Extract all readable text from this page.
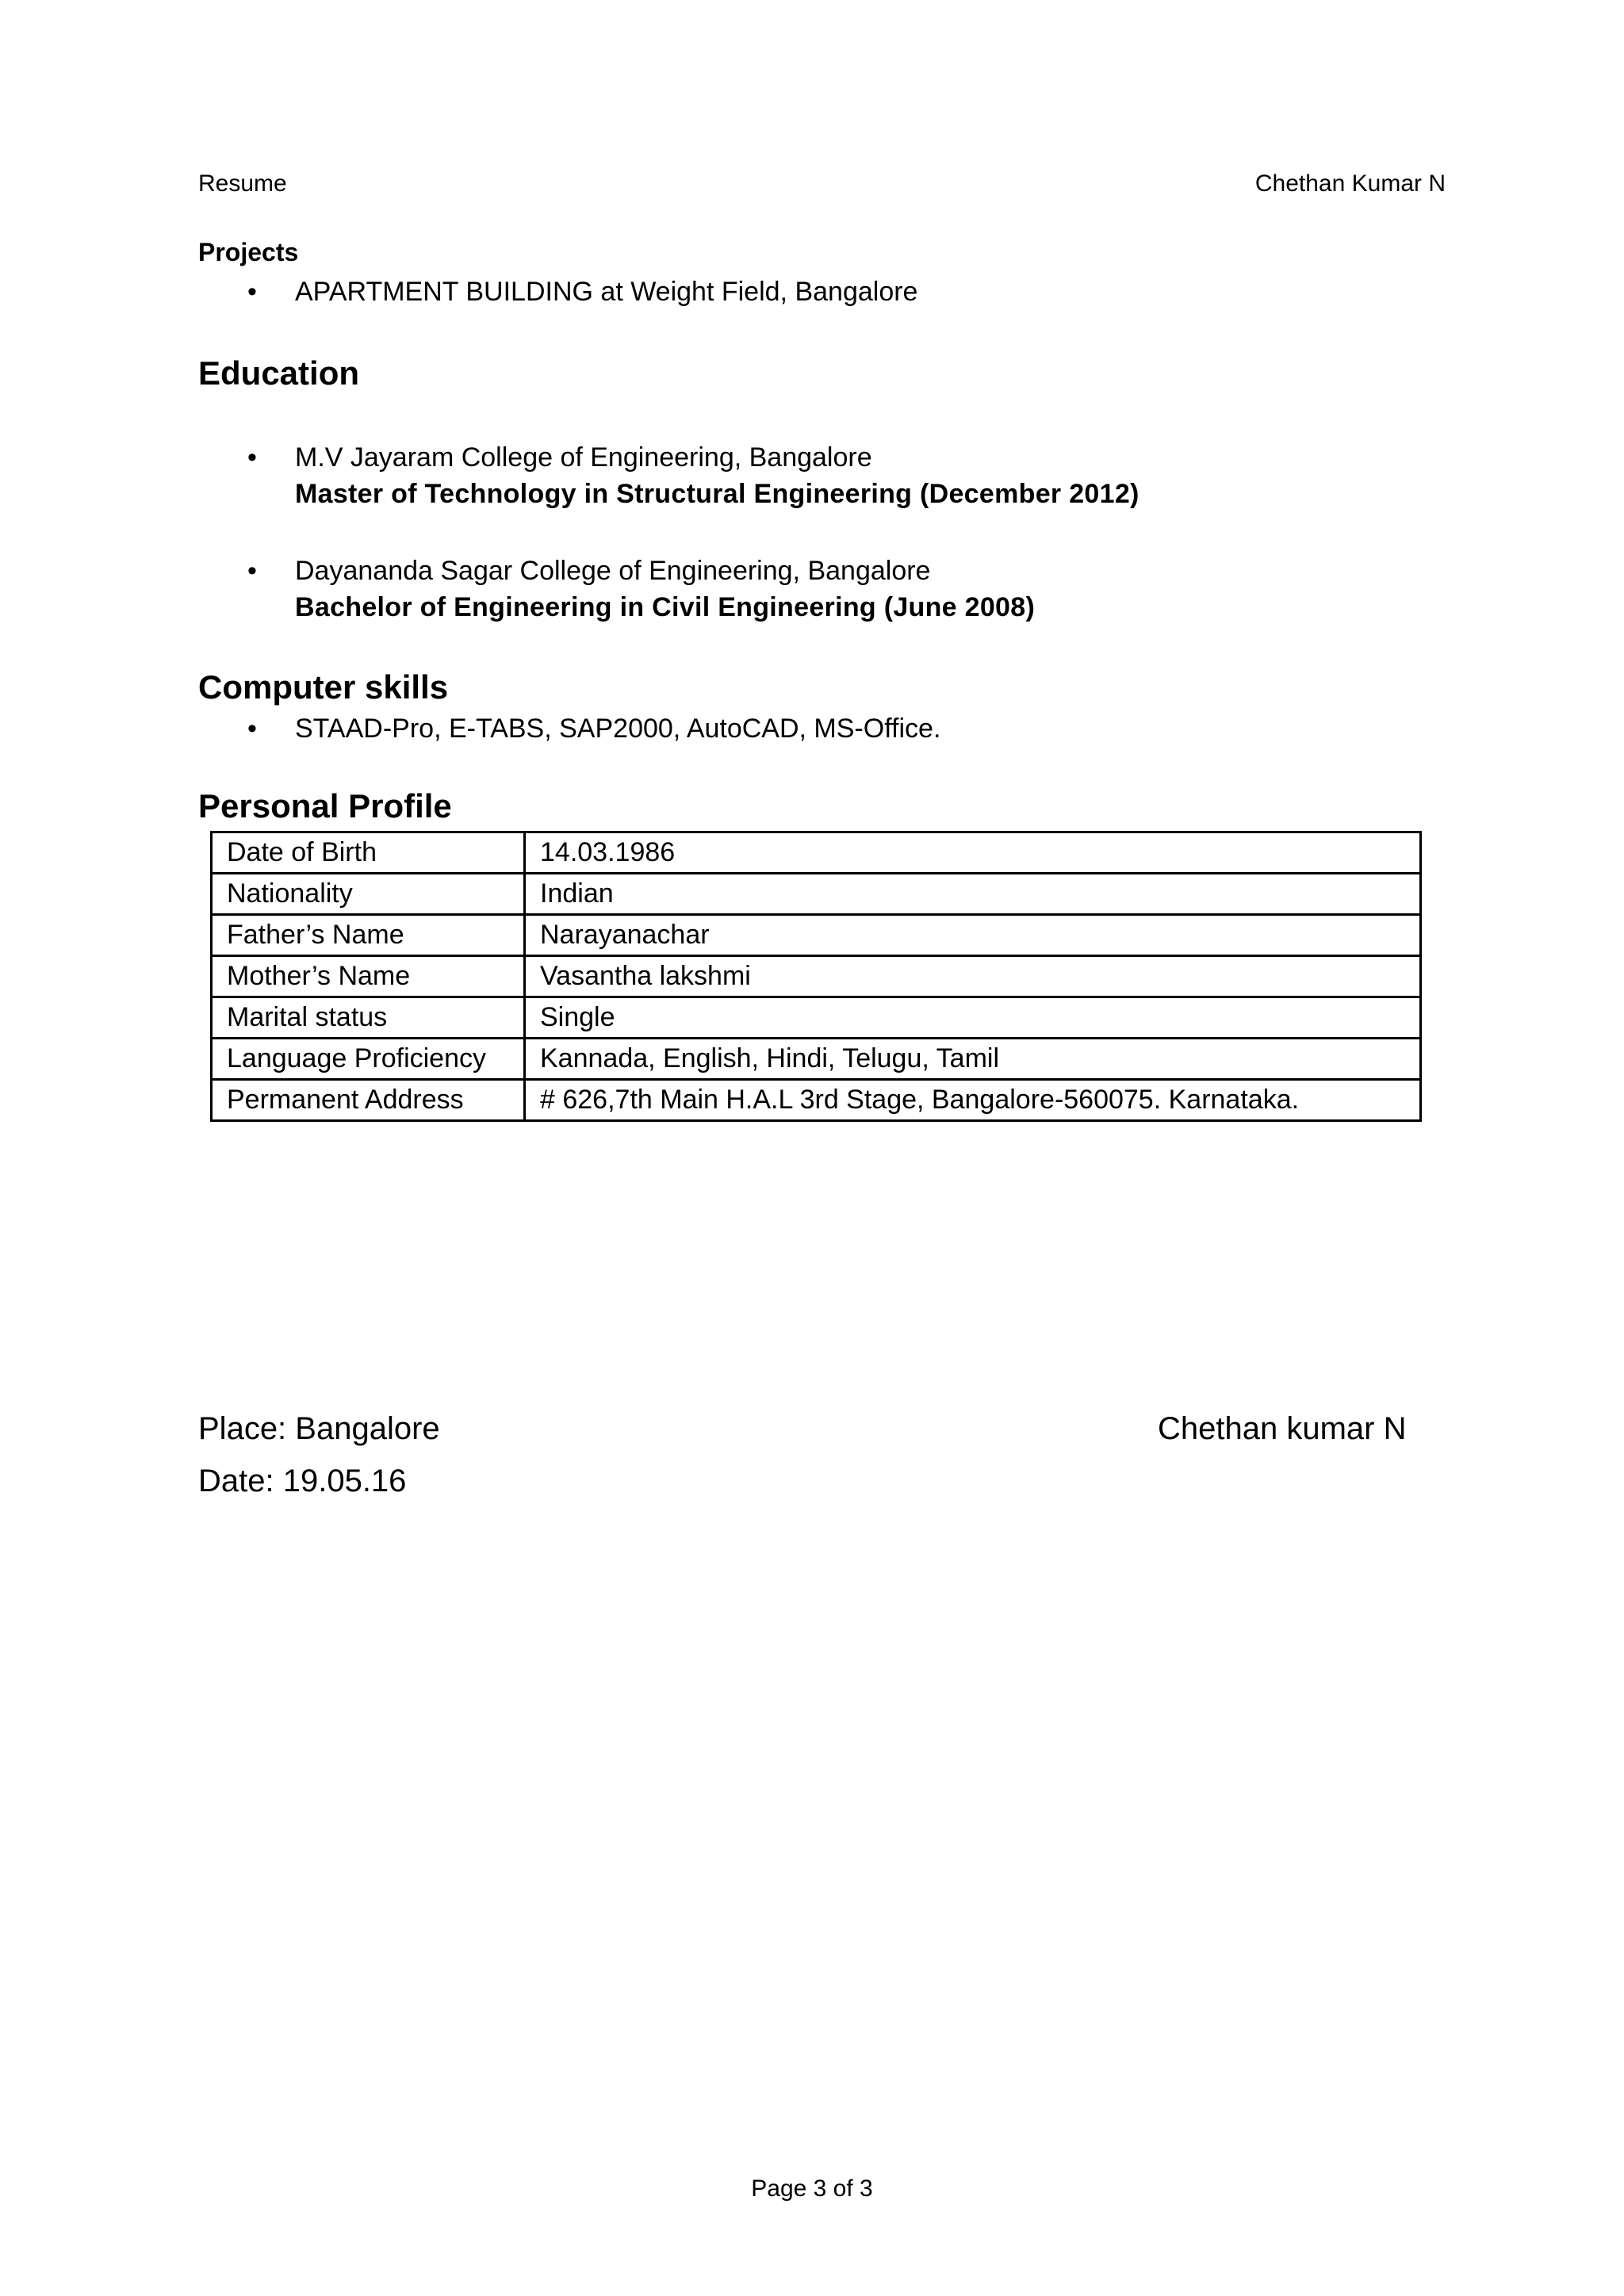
Resume	Chethan Kumar N
Projects
• APARTMENT BUILDING at Weight Field, Bangalore
Education
• M.V Jayaram College of Engineering, Bangalore
Master of Technology in Structural Engineering (December 2012)
• Dayananda Sagar College of Engineering, Bangalore
Bachelor of Engineering in Civil Engineering (June 2008)
Computer skills
• STAAD-Pro, E-TABS, SAP2000, AutoCAD, MS-Office.
Personal Profile
Date of Birth	14.03.1986
Nationality	Indian
Father’s Name	Narayanachar
Mother’s Name	Vasantha lakshmi
Marital status	Single
Language Proficiency	Kannada, English, Hindi, Telugu, Tamil
Permanent Address	# 626,7th Main H.A.L 3rd Stage, Bangalore-560075. Karnataka.
Place: Bangalore
Date: 19.05.16
Chethan kumar N
Page 3 of 3
